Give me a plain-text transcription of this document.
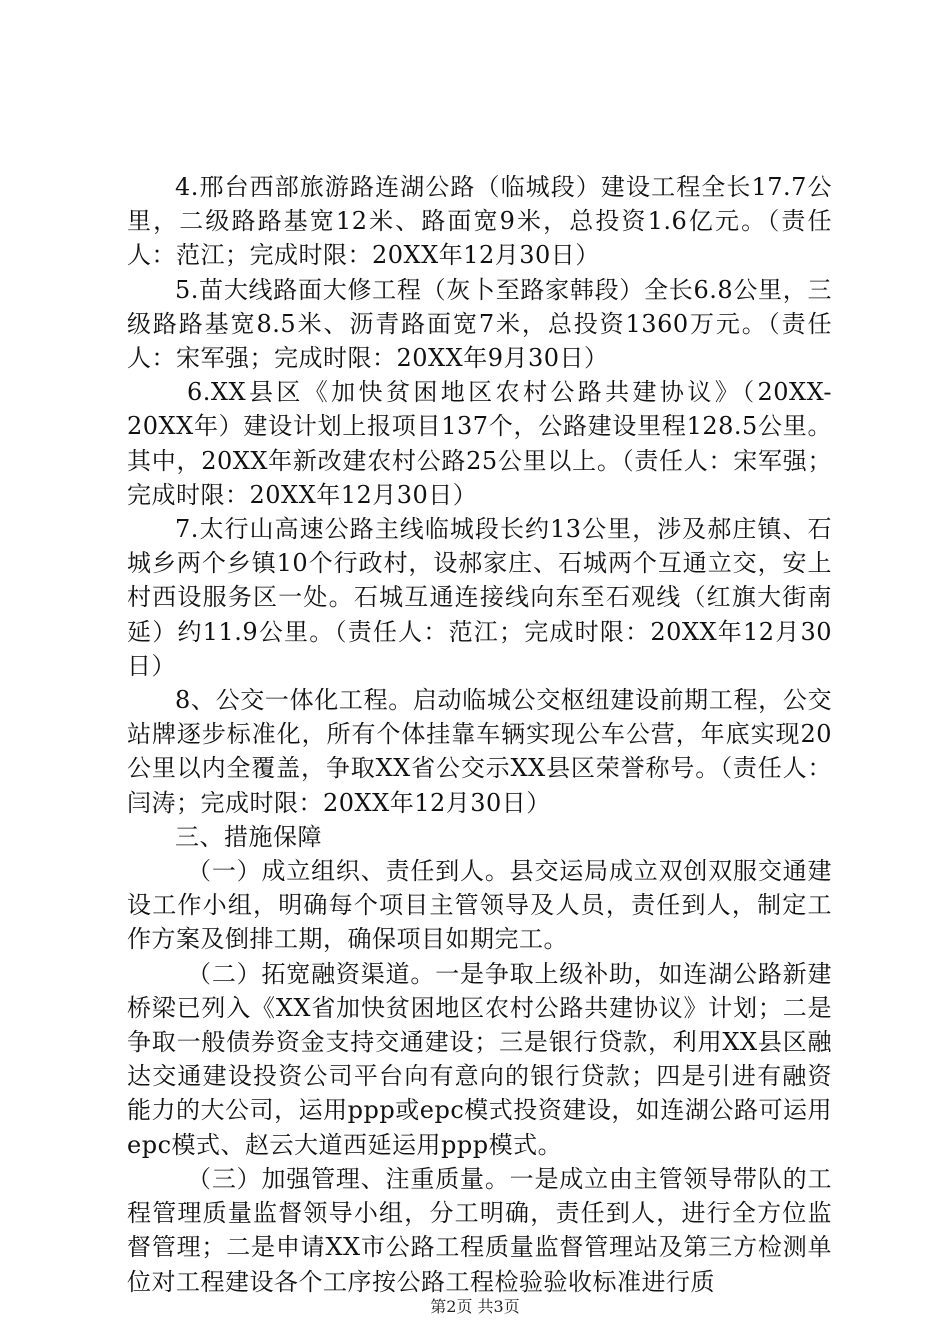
4.邢台西部旅游路连湖公路（临城段）建设工程全长17.7公里，二级路路基宽12米、路面宽9米，总投资1.6亿元。（责任人：范江；完成时限：20XX年12月30日）

5.苗大线路面大修工程（灰卜至路家韩段）全长6.8公里，三级路路基宽8.5米、沥青路面宽7米，总投资1360万元。（责任人：宋军强；完成时限：20XX年9月30日）

6.XX县区《加快贫困地区农村公路共建协议》（20XX-20XX年）建设计划上报项目137个，公路建设里程128.5公里。其中，20XX年新改建农村公路25公里以上。（责任人：宋军强；完成时限：20XX年12月30日）

7.太行山高速公路主线临城段长约13公里，涉及郝庄镇、石城乡两个乡镇10个行政村，设郝家庄、石城两个互通立交，安上村西设服务区一处。石城互通连接线向东至石观线（红旗大街南延）约11.9公里。（责任人：范江；完成时限：20XX年12月30日）

8、公交一体化工程。启动临城公交枢纽建设前期工程，公交站牌逐步标准化，所有个体挂靠车辆实现公车公营，年底实现20公里以内全覆盖，争取XX省公交示XX县区荣誉称号。（责任人：闫涛；完成时限：20XX年12月30日）

三、措施保障

（一）成立组织、责任到人。县交运局成立双创双服交通建设工作小组，明确每个项目主管领导及人员，责任到人，制定工作方案及倒排工期，确保项目如期完工。

（二）拓宽融资渠道。一是争取上级补助，如连湖公路新建桥梁已列入《XX省加快贫困地区农村公路共建协议》计划；二是争取一般债券资金支持交通建设；三是银行贷款，利用XX县区融达交通建设投资公司平台向有意向的银行贷款；四是引进有融资能力的大公司，运用ppp或epc模式投资建设，如连湖公路可运用epc模式、赵云大道西延运用ppp模式。

（三）加强管理、注重质量。一是成立由主管领导带队的工程管理质量监督领导小组，分工明确，责任到人，进行全方位监督管理；二是申请XX市公路工程质量监督管理站及第三方检测单位对工程建设各个工序按公路工程检验验收标准进行质

第2页 共3页
